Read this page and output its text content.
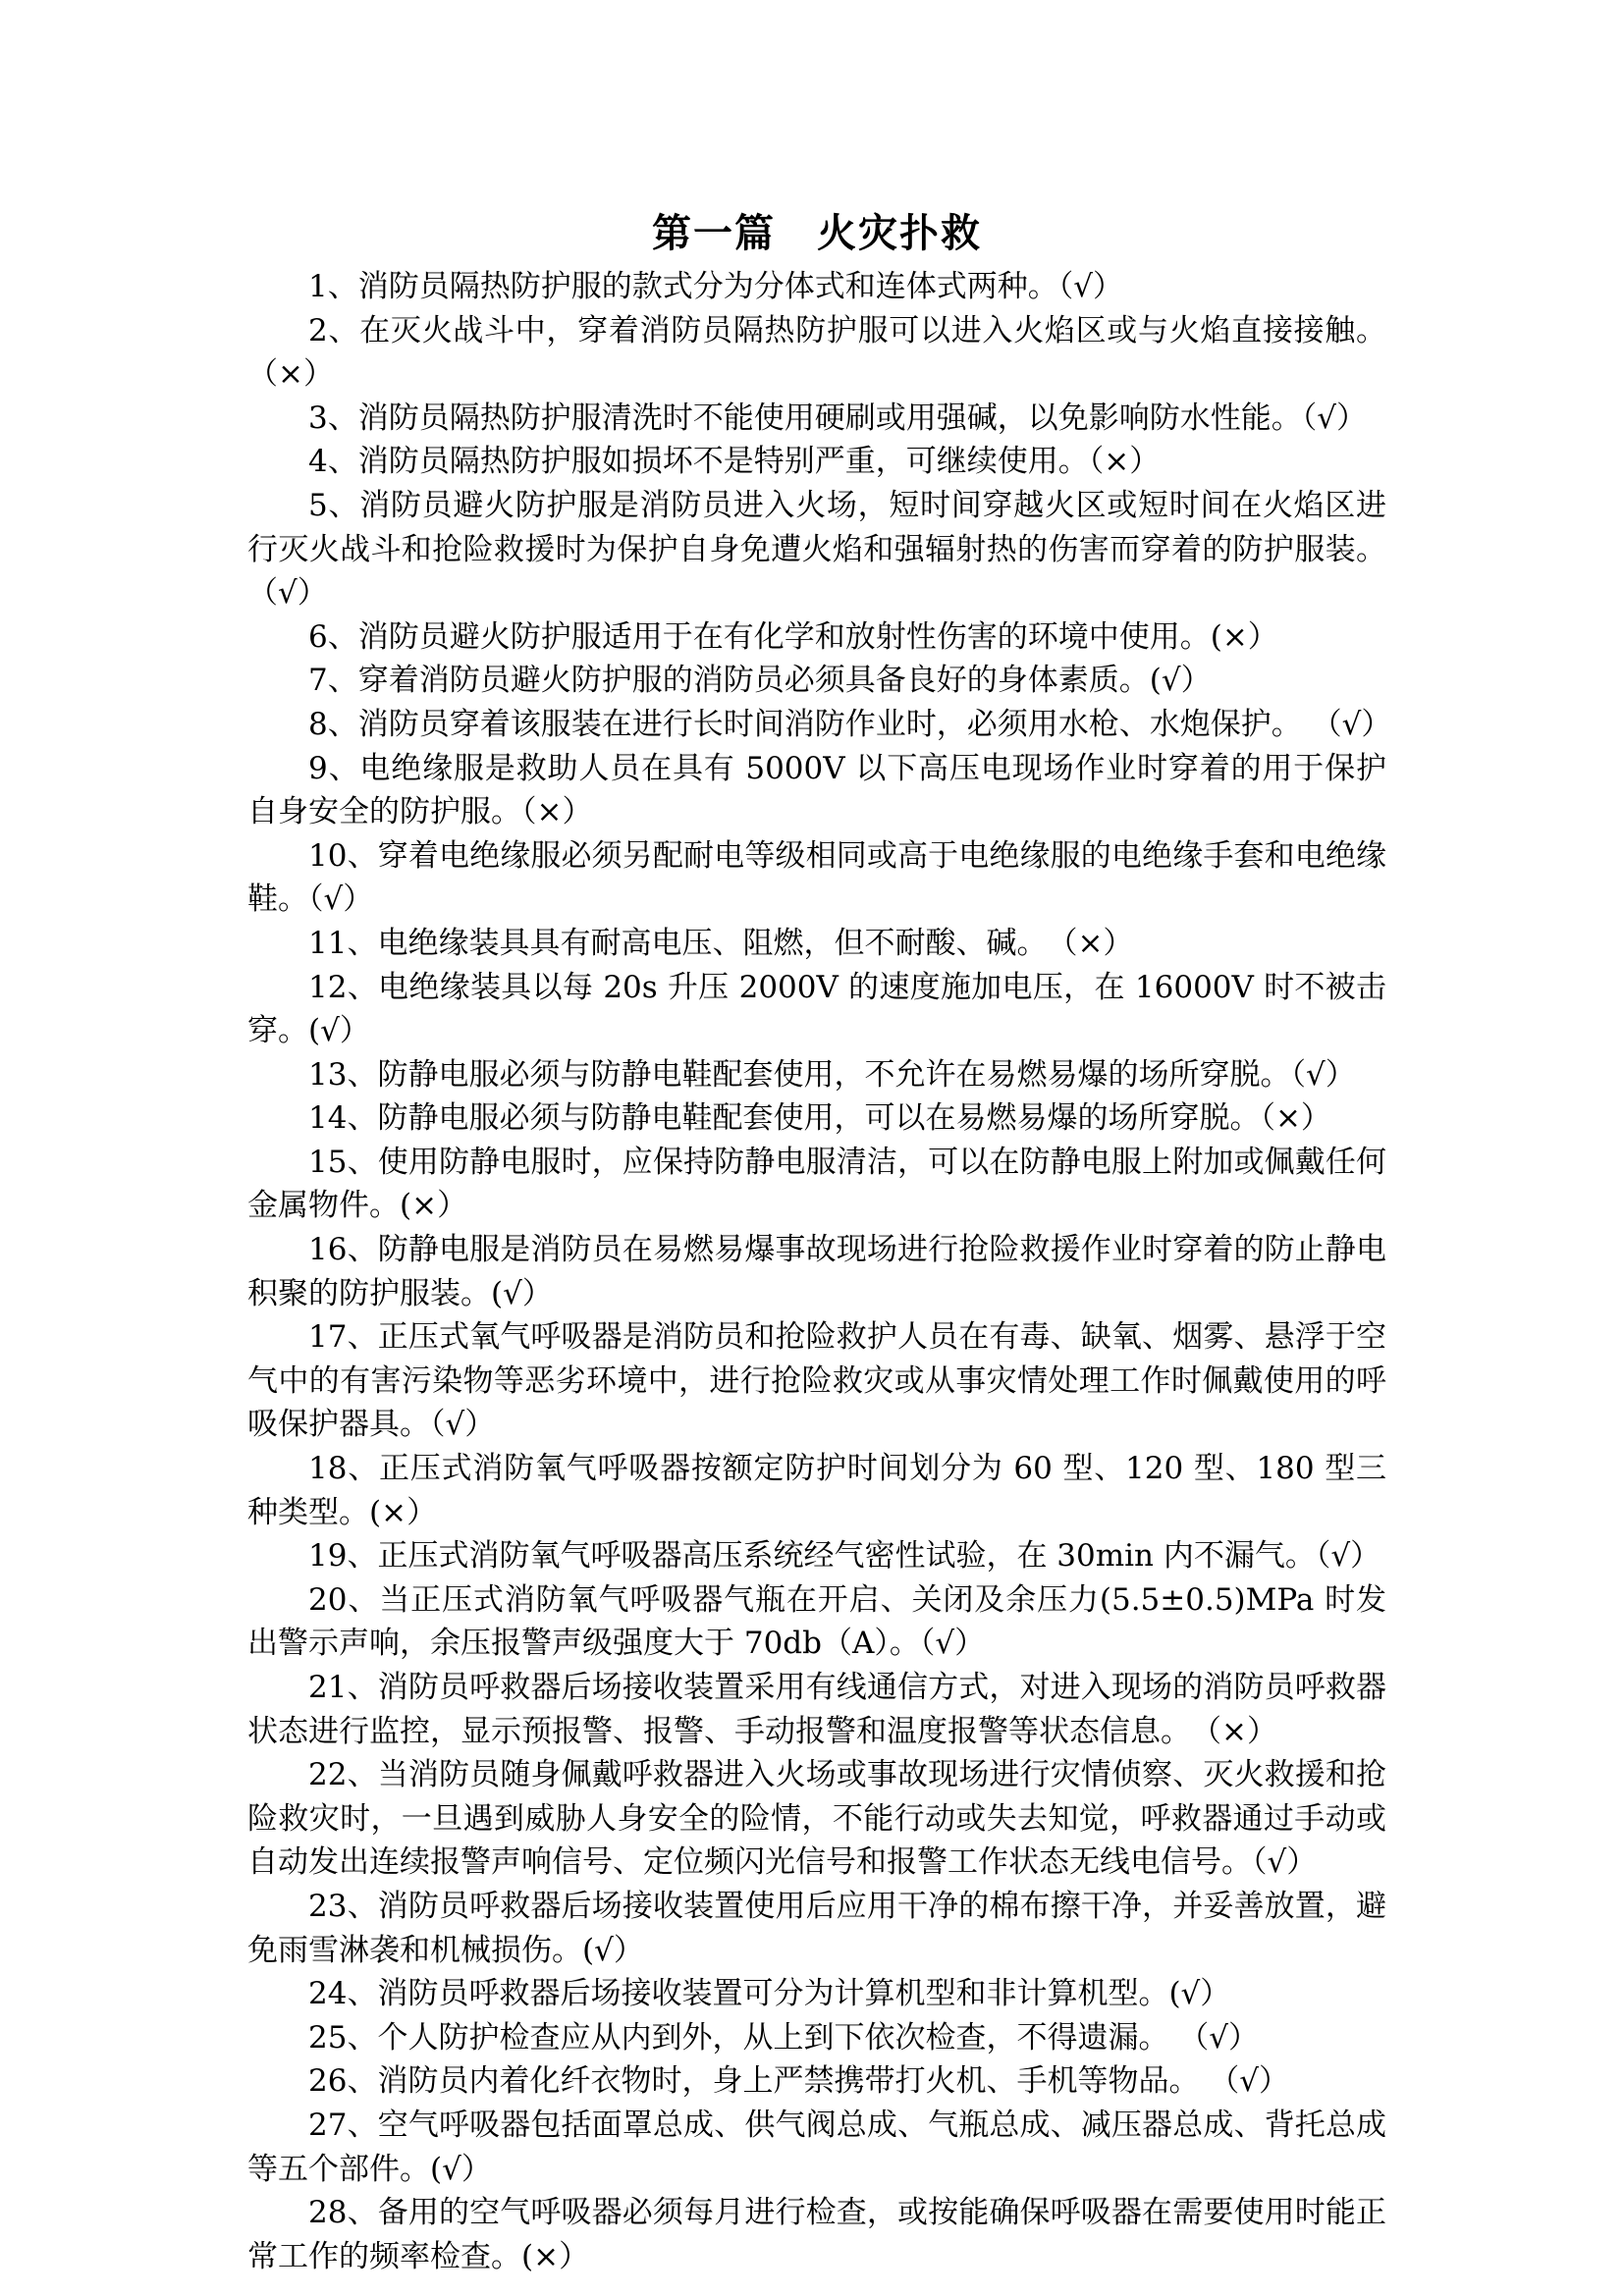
第一篇　火灾扑救

1、消防员隔热防护服的款式分为分体式和连体式两种。（√）

2、在灭火战斗中，穿着消防员隔热防护服可以进入火焰区或与火焰直接接触。（×）

3、消防员隔热防护服清洗时不能使用硬刷或用强碱，以免影响防水性能。（√）

4、消防员隔热防护服如损坏不是特别严重，可继续使用。（×）

5、消防员避火防护服是消防员进入火场，短时间穿越火区或短时间在火焰区进行灭火战斗和抢险救援时为保护自身免遭火焰和强辐射热的伤害而穿着的防护服装。（√）

6、消防员避火防护服适用于在有化学和放射性伤害的环境中使用。(×）

7、穿着消防员避火防护服的消防员必须具备良好的身体素质。(√）

8、消防员穿着该服装在进行长时间消防作业时，必须用水枪、水炮保护。 （√）

9、电绝缘服是救助人员在具有 5000V 以下高压电现场作业时穿着的用于保护自身安全的防护服。（×）

10、穿着电绝缘服必须另配耐电等级相同或高于电绝缘服的电绝缘手套和电绝缘鞋。（√）

11、电绝缘装具具有耐高电压、阻燃，但不耐酸、碱。　（×）

12、电绝缘装具以每 20s 升压 2000V 的速度施加电压，在 16000V 时不被击穿。(√）

13、防静电服必须与防静电鞋配套使用，不允许在易燃易爆的场所穿脱。（√）

14、防静电服必须与防静电鞋配套使用，可以在易燃易爆的场所穿脱。（×）

15、使用防静电服时，应保持防静电服清洁，可以在防静电服上附加或佩戴任何金属物件。(×）

16、防静电服是消防员在易燃易爆事故现场进行抢险救援作业时穿着的防止静电积聚的防护服装。(√）

17、正压式氧气呼吸器是消防员和抢险救护人员在有毒、缺氧、烟雾、悬浮于空气中的有害污染物等恶劣环境中，进行抢险救灾或从事灾情处理工作时佩戴使用的呼吸保护器具。（√）

18、正压式消防氧气呼吸器按额定防护时间划分为 60 型、120 型、180 型三种类型。(×）

19、正压式消防氧气呼吸器高压系统经气密性试验，在 30min 内不漏气。（√）

20、当正压式消防氧气呼吸器气瓶在开启、关闭及余压力(5.5±0.5)MPa 时发出警示声响，余压报警声级强度大于 70db（A）。（√）

21、消防员呼救器后场接收装置采用有线通信方式，对进入现场的消防员呼救器状态进行监控，显示预报警、报警、手动报警和温度报警等状态信息。　（×）

22、当消防员随身佩戴呼救器进入火场或事故现场进行灾情侦察、灭火救援和抢险救灾时，一旦遇到威胁人身安全的险情，不能行动或失去知觉，呼救器通过手动或自动发出连续报警声响信号、定位频闪光信号和报警工作状态无线电信号。（√）

23、消防员呼救器后场接收装置使用后应用干净的棉布擦干净，并妥善放置，避免雨雪淋袭和机械损伤。(√）

24、消防员呼救器后场接收装置可分为计算机型和非计算机型。(√）

25、个人防护检查应从内到外，从上到下依次检查，不得遗漏。 （√）

26、消防员内着化纤衣物时，身上严禁携带打火机、手机等物品。 （√）

27、空气呼吸器包括面罩总成、供气阀总成、气瓶总成、减压器总成、背托总成等五个部件。(√）

28、备用的空气呼吸器必须每月进行检查，或按能确保呼吸器在需要使用时能正常工作的频率检查。(×）
